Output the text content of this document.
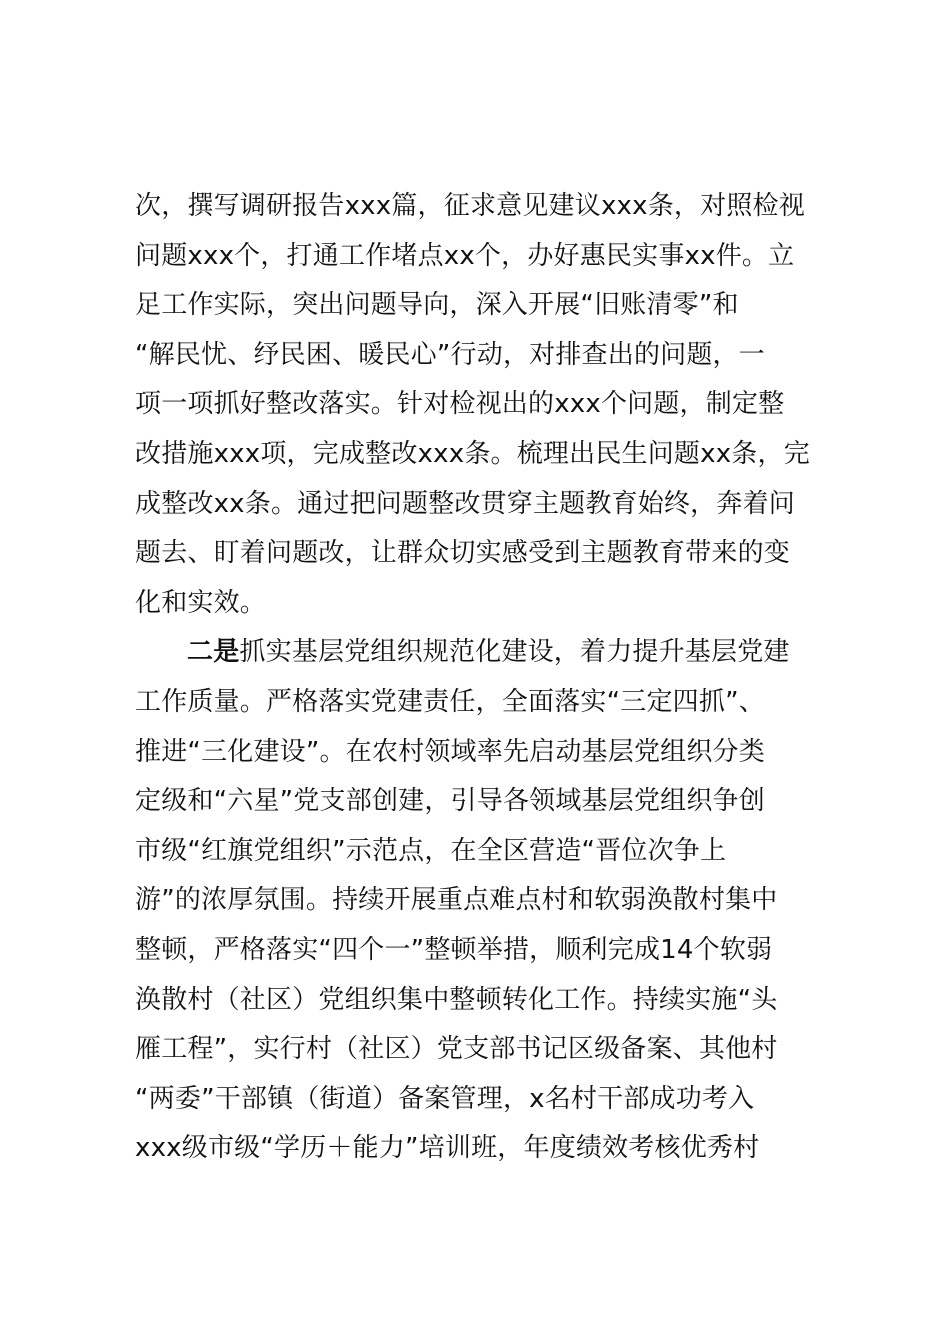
次，撰写调研报告xxx篇，征求意见建议xxx条，对照检视
问题xxx个，打通工作堵点xx个，办好惠民实事xx件。立
足工作实际，突出问题导向，深入开展“旧账清零”和
“解民忧、纾民困、暖民心”行动，对排查出的问题，一
项一项抓好整改落实。针对检视出的xxx个问题，制定整
改措施xxx项，完成整改xxx条。梳理出民生问题xx条，完
成整改xx条。通过把问题整改贯穿主题教育始终，奔着问
题去、盯着问题改，让群众切实感受到主题教育带来的变
化和实效。
二是抓实基层党组织规范化建设，着力提升基层党建
工作质量。严格落实党建责任，全面落实“三定四抓”、
推进“三化建设”。在农村领域率先启动基层党组织分类
定级和“六星”党支部创建，引导各领域基层党组织争创
市级“红旗党组织”示范点，在全区营造“晋位次争上
游”的浓厚氛围。持续开展重点难点村和软弱涣散村集中
整顿，严格落实“四个一”整顿举措，顺利完成14个软弱
涣散村（社区）党组织集中整顿转化工作。持续实施“头
雁工程”，实行村（社区）党支部书记区级备案、其他村
“两委”干部镇（街道）备案管理，x名村干部成功考入
xxx级市级“学历＋能力”培训班，年度绩效考核优秀村
